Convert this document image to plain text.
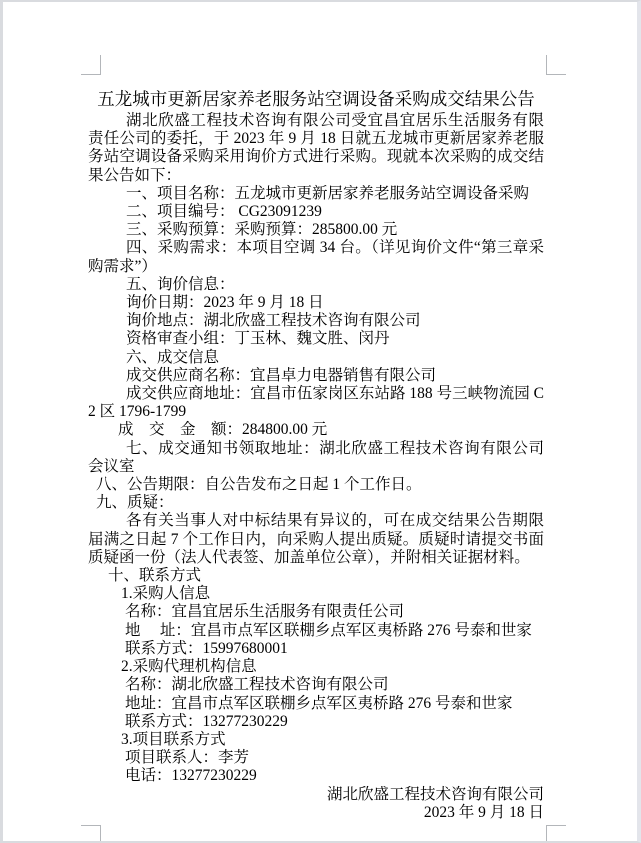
五龙城市更新居家养老服务站空调设备采购成交结果公告
湖北欣盛工程技术咨询有限公司受宜昌宜居乐生活服务有限责任公司的委托，于 2023 年 9 月 18 日就五龙城市更新居家养老服务站空调设备采购采用询价方式进行采购。现就本次采购的成交结果公告如下：
一、项目名称：五龙城市更新居家养老服务站空调设备采购
二、项目编号： CG23091239
三、采购预算：采购预算：285800.00 元
四、采购需求：本项目空调 34 台。（详见询价文件“第三章采购需求”）
五、询价信息：
询价日期：2023 年 9 月 18 日
询价地点：湖北欣盛工程技术咨询有限公司
资格审查小组：丁玉林、魏文胜、闵丹
六、成交信息
成交供应商名称：宜昌卓力电器销售有限公司
成交供应商地址：宜昌市伍家岗区东站路 188 号三峡物流园 C2 区 1796-1799
成　交　金　额：284800.00 元
七、成交通知书领取地址：湖北欣盛工程技术咨询有限公司会议室
八、公告期限：自公告发布之日起 1 个工作日。
九、质疑：
各有关当事人对中标结果有异议的，可在成交结果公告期限届满之日起 7 个工作日内，向采购人提出质疑。质疑时请提交书面质疑函一份（法人代表签、加盖单位公章），并附相关证据材料。
十、联系方式
1.采购人信息
名称：宜昌宜居乐生活服务有限责任公司
地　 址：宜昌市点军区联棚乡点军区夷桥路 276 号泰和世家
联系方式：15997680001
2.采购代理机构信息
名称：湖北欣盛工程技术咨询有限公司
地址：宜昌市点军区联棚乡点军区夷桥路 276 号泰和世家
联系方式：13277230229
3.项目联系方式
项目联系人：李芳
电话：13277230229
湖北欣盛工程技术咨询有限公司
2023 年 9 月 18 日
